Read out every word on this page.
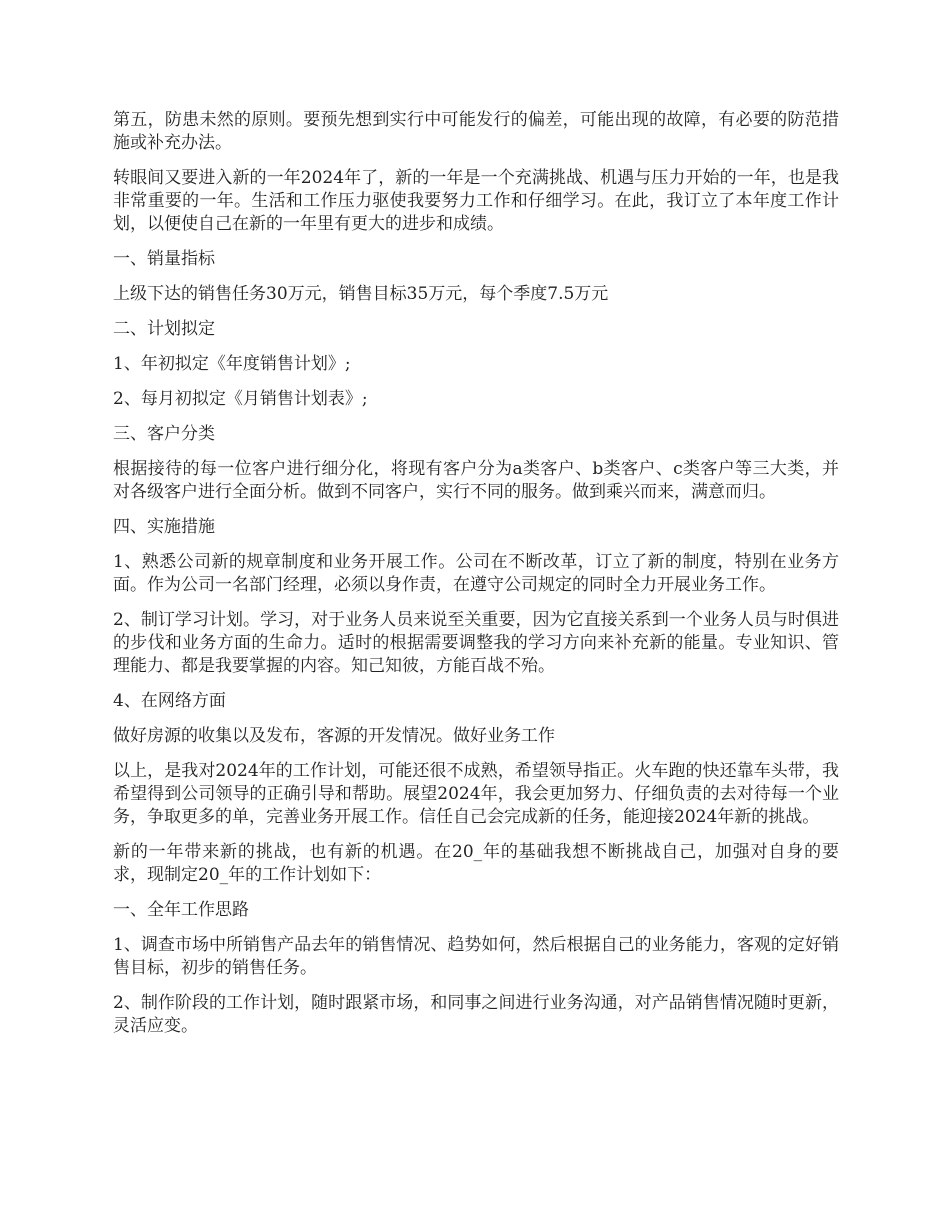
第五，防患未然的原则。要预先想到实行中可能发行的偏差，可能出现的故障，有必要的防范措施或补充办法。

转眼间又要进入新的一年2024年了，新的一年是一个充满挑战、机遇与压力开始的一年，也是我非常重要的一年。生活和工作压力驱使我要努力工作和仔细学习。在此，我订立了本年度工作计划，以便使自己在新的一年里有更大的进步和成绩。

一、销量指标

上级下达的销售任务30万元，销售目标35万元，每个季度7.5万元

二、计划拟定

1、年初拟定《年度销售计划》;

2、每月初拟定《月销售计划表》;

三、客户分类

根据接待的每一位客户进行细分化，将现有客户分为a类客户、b类客户、c类客户等三大类，并对各级客户进行全面分析。做到不同客户，实行不同的服务。做到乘兴而来，满意而归。

四、实施措施

1、熟悉公司新的规章制度和业务开展工作。公司在不断改革，订立了新的制度，特别在业务方面。作为公司一名部门经理，必须以身作责，在遵守公司规定的同时全力开展业务工作。

2、制订学习计划。学习，对于业务人员来说至关重要，因为它直接关系到一个业务人员与时俱进的步伐和业务方面的生命力。适时的根据需要调整我的学习方向来补充新的能量。专业知识、管理能力、都是我要掌握的内容。知己知彼，方能百战不殆。

4、在网络方面

做好房源的收集以及发布，客源的开发情况。做好业务工作

以上，是我对2024年的工作计划，可能还很不成熟，希望领导指正。火车跑的快还靠车头带，我希望得到公司领导的正确引导和帮助。展望2024年，我会更加努力、仔细负责的去对待每一个业务，争取更多的单，完善业务开展工作。信任自己会完成新的任务，能迎接2024年新的挑战。

新的一年带来新的挑战，也有新的机遇。在20_年的基础我想不断挑战自己，加强对自身的要求，现制定20_年的工作计划如下：

一、全年工作思路

1、调查市场中所销售产品去年的销售情况、趋势如何，然后根据自己的业务能力，客观的定好销售目标，初步的销售任务。

2、制作阶段的工作计划，随时跟紧市场，和同事之间进行业务沟通，对产品销售情况随时更新，灵活应变。
